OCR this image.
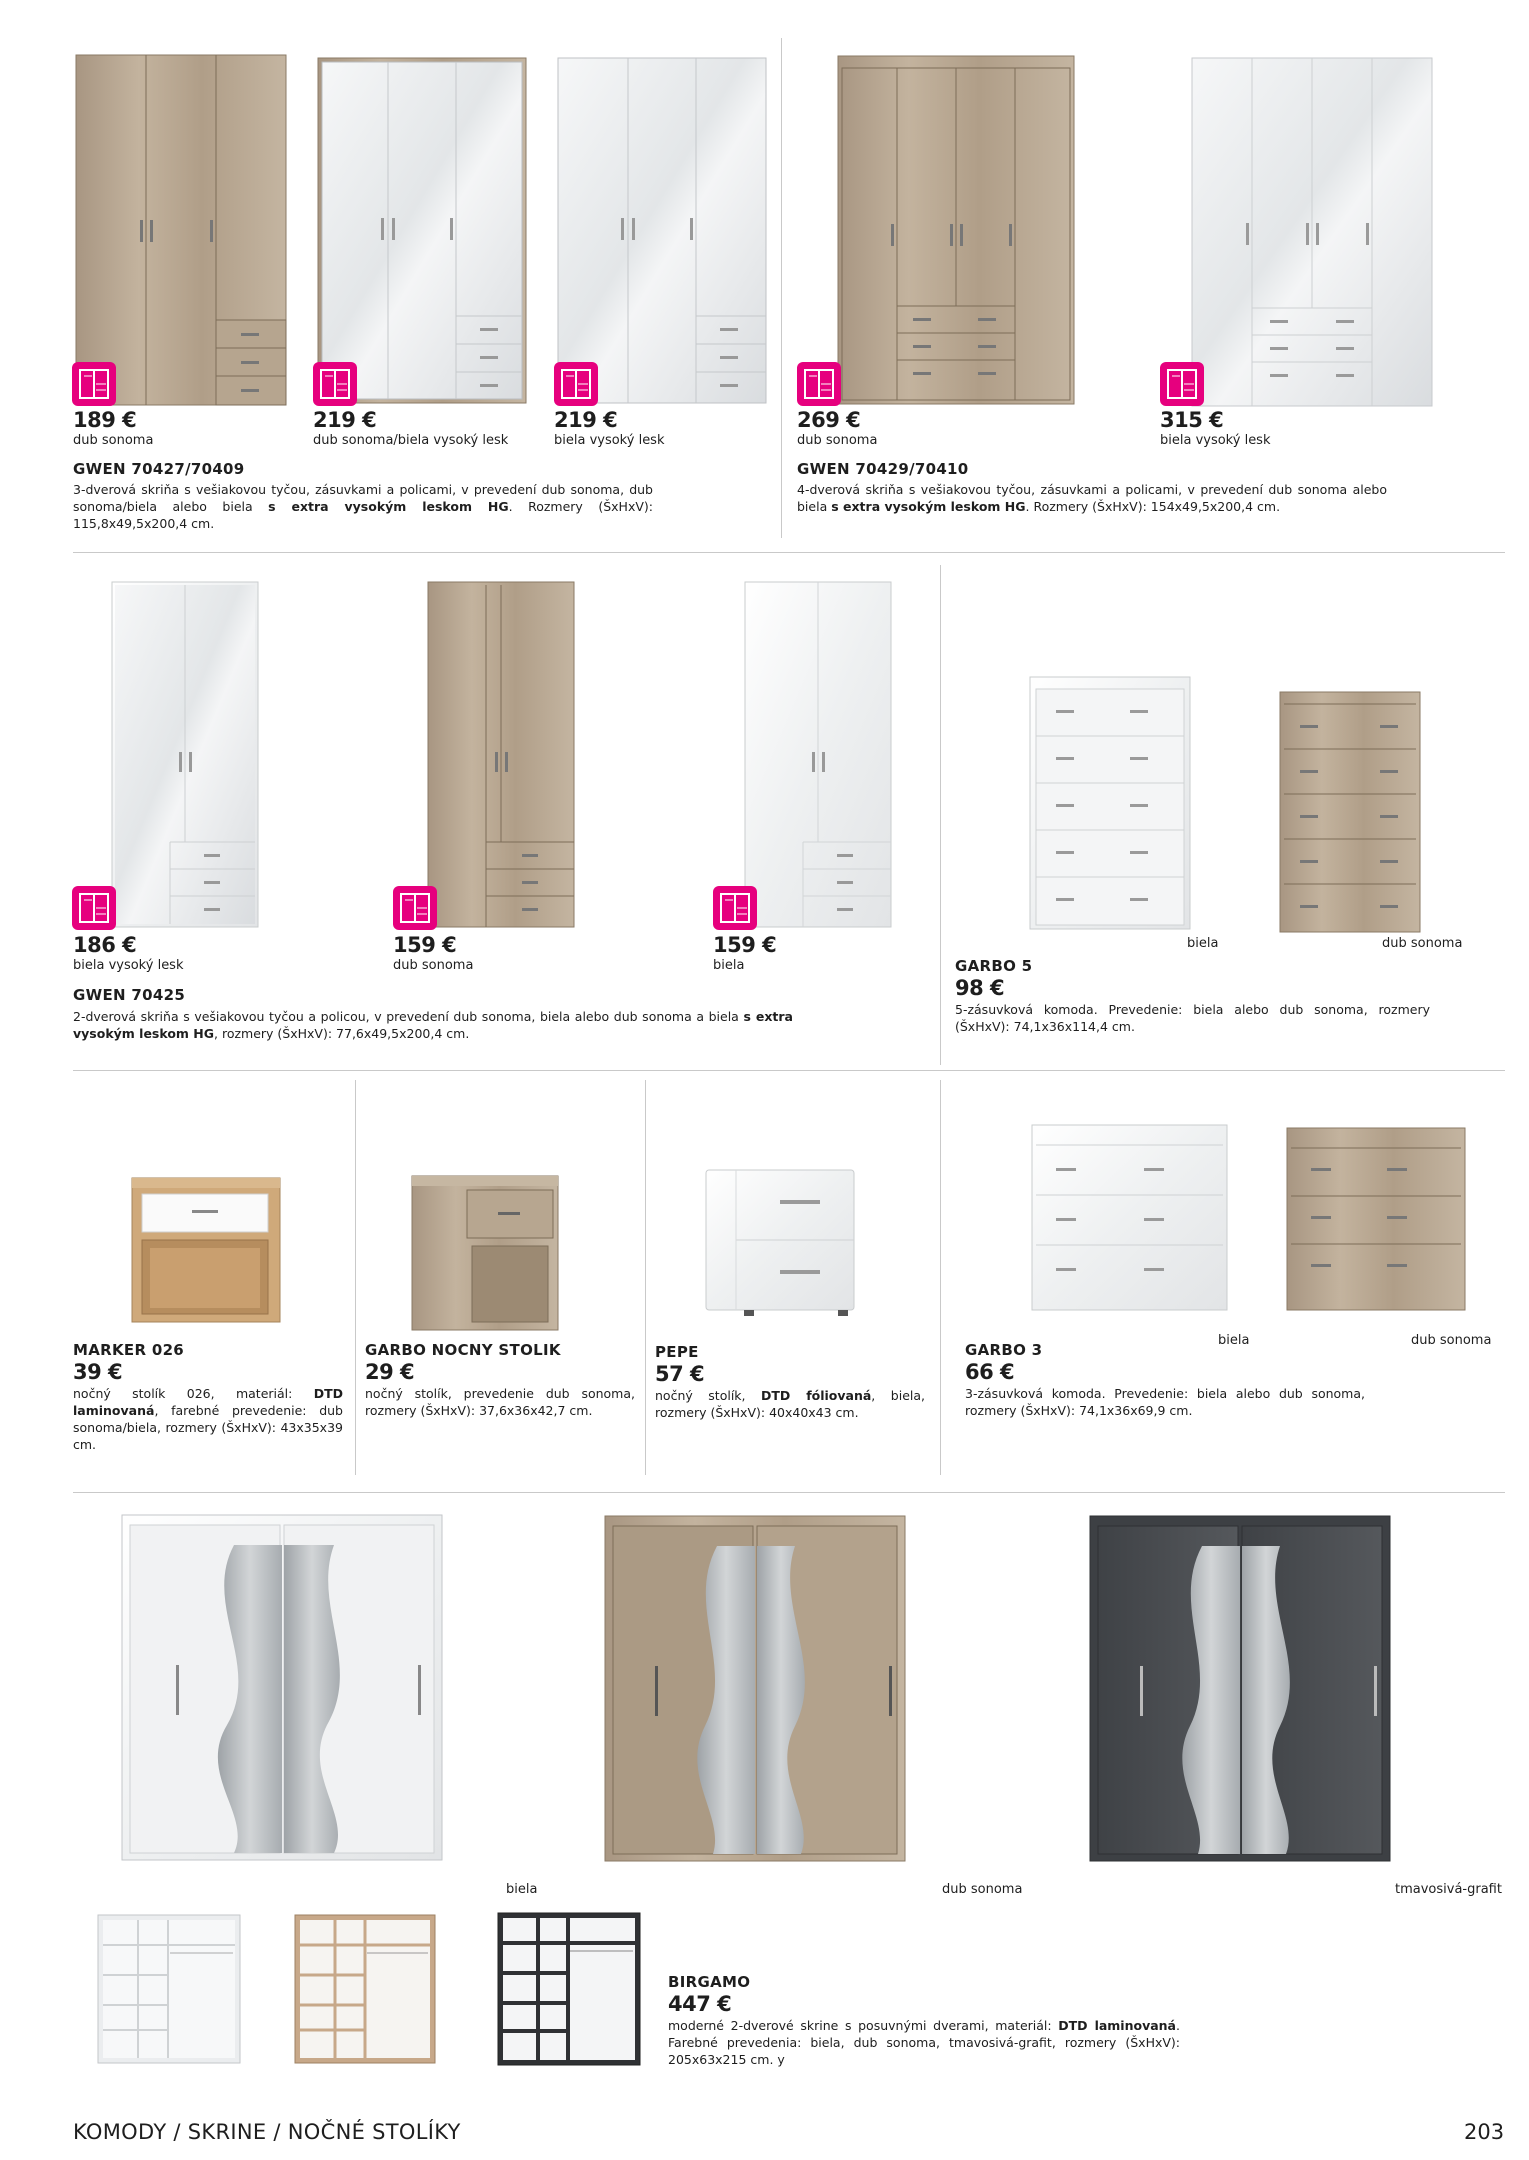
189 €
dub sonoma
219 €
dub sonoma/biela vysoký lesk
219 €
biela vysoký lesk
GWEN 70427/70409
3-dverová skriňa s vešiakovou tyčou, zásuvkami a policami, v prevedení dub sonoma, dub sonoma/biela alebo biela s extra vysokým leskom HG. Rozmery (ŠxHxV): 115,8x49,5x200,4 cm.
269 €
dub sonoma
315 €
biela vysoký lesk
GWEN 70429/70410
4-dverová skriňa s vešiakovou tyčou, zásuvkami a policami, v prevedení dub sonoma alebo biela s extra vysokým leskom HG. Rozmery (ŠxHxV): 154x49,5x200,4 cm.
186 €
biela vysoký lesk
159 €
dub sonoma
159 €
biela
GWEN 70425
2-dverová skriňa s vešiakovou tyčou a policou, v prevedení dub sonoma, biela alebo dub sonoma a biela s extra vysokým leskom HG, rozmery (ŠxHxV): 77,6x49,5x200,4 cm.
biela	dub sonoma
GARBO 5
98 €
5-zásuvková komoda. Prevedenie: biela alebo dub sonoma, rozmery (ŠxHxV): 74,1x36x114,4 cm.
MARKER 026
39 €
nočný stolík 026, materiál: DTD laminovaná, farebné prevedenie: dub sonoma/biela, rozmery (ŠxHxV): 43x35x39 cm.
GARBO NOCNY STOLIK
29 €
nočný stolík, prevedenie dub sonoma, rozmery (ŠxHxV): 37,6x36x42,7 cm.
PEPE
57 €
nočný stolík, DTD fóliovaná, biela, rozmery (ŠxHxV): 40x40x43 cm.
biela	dub sonoma
GARBO 3
66 €
3-zásuvková komoda. Prevedenie: biela alebo dub sonoma, rozmery (ŠxHxV): 74,1x36x69,9 cm.
biela	dub sonoma	tmavosivá-grafit
BIRGAMO
447 €
moderné 2-dverové skrine s posuvnými dverami, materiál: DTD laminovaná. Farebné prevedenia: biela, dub sonoma, tmavosivá-grafit, rozmery (ŠxHxV): 205x63x215 cm. y
KOMODY / SKRINE / NOČNÉ STOLÍKY	203
